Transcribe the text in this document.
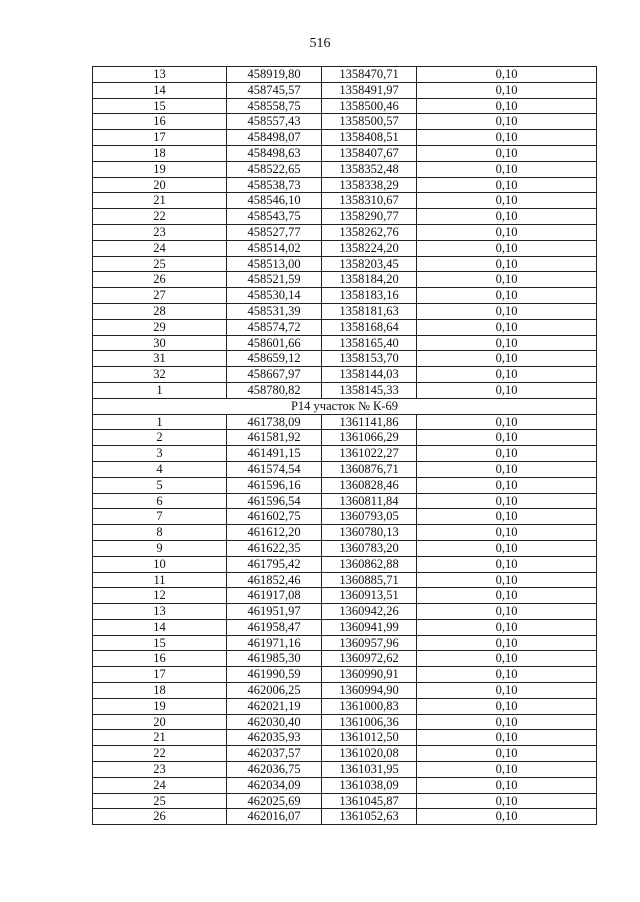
516
13	458919,80	1358470,71	0,10
14	458745,57	1358491,97	0,10
15	458558,75	1358500,46	0,10
16	458557,43	1358500,57	0,10
17	458498,07	1358408,51	0,10
18	458498,63	1358407,67	0,10
19	458522,65	1358352,48	0,10
20	458538,73	1358338,29	0,10
21	458546,10	1358310,67	0,10
22	458543,75	1358290,77	0,10
23	458527,77	1358262,76	0,10
24	458514,02	1358224,20	0,10
25	458513,00	1358203,45	0,10
26	458521,59	1358184,20	0,10
27	458530,14	1358183,16	0,10
28	458531,39	1358181,63	0,10
29	458574,72	1358168,64	0,10
30	458601,66	1358165,40	0,10
31	458659,12	1358153,70	0,10
32	458667,97	1358144,03	0,10
1	458780,82	1358145,33	0,10
Р14 участок № К-69			
1	461738,09	1361141,86	0,10
2	461581,92	1361066,29	0,10
3	461491,15	1361022,27	0,10
4	461574,54	1360876,71	0,10
5	461596,16	1360828,46	0,10
6	461596,54	1360811,84	0,10
7	461602,75	1360793,05	0,10
8	461612,20	1360780,13	0,10
9	461622,35	1360783,20	0,10
10	461795,42	1360862,88	0,10
11	461852,46	1360885,71	0,10
12	461917,08	1360913,51	0,10
13	461951,97	1360942,26	0,10
14	461958,47	1360941,99	0,10
15	461971,16	1360957,96	0,10
16	461985,30	1360972,62	0,10
17	461990,59	1360990,91	0,10
18	462006,25	1360994,90	0,10
19	462021,19	1361000,83	0,10
20	462030,40	1361006,36	0,10
21	462035,93	1361012,50	0,10
22	462037,57	1361020,08	0,10
23	462036,75	1361031,95	0,10
24	462034,09	1361038,09	0,10
25	462025,69	1361045,87	0,10
26	462016,07	1361052,63	0,10
